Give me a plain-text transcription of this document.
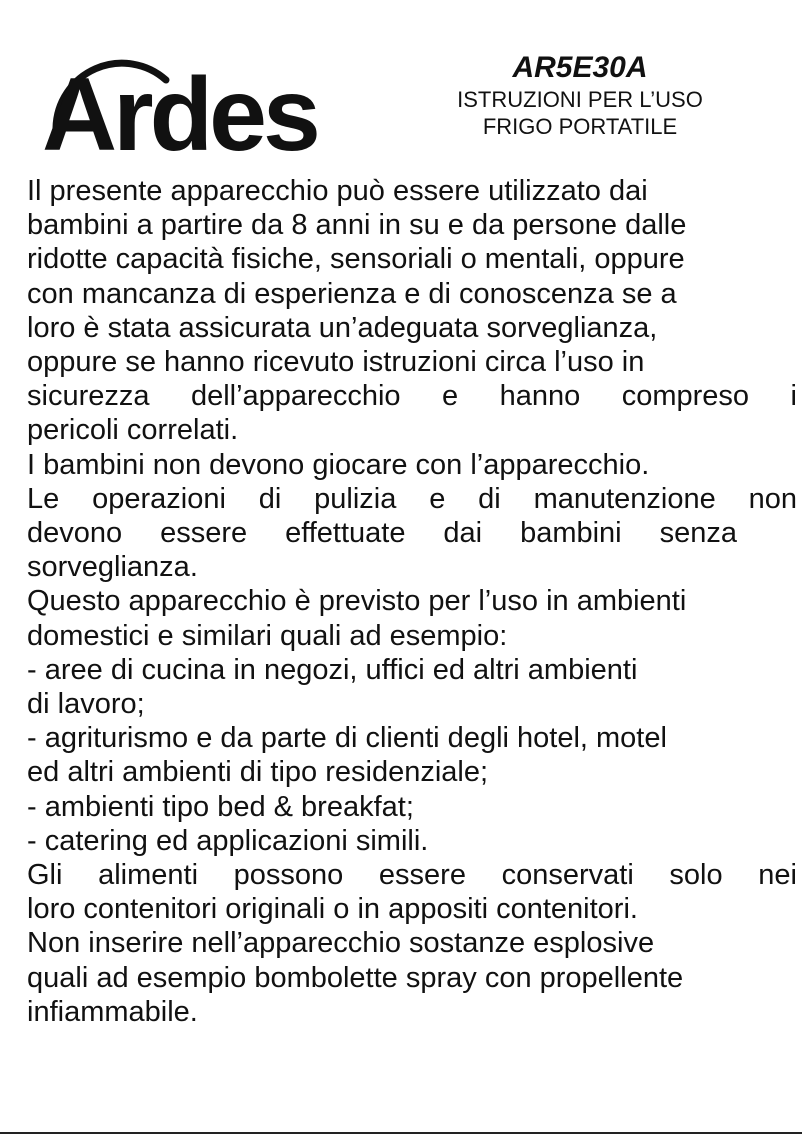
Ardes	AR5E30A
ISTRUZIONI PER L’USO
FRIGO PORTATILE
Il presente apparecchio può essere utilizzato dai
bambini a partire da 8 anni in su e da persone dalle
ridotte capacità fisiche, sensoriali o mentali, oppure
con mancanza di esperienza e di conoscenza se a
loro è stata assicurata un’adeguata sorveglianza,
oppure se hanno ricevuto istruzioni circa l’uso in
sicurezza dell’apparecchio e hanno compreso i
pericoli correlati.
I bambini non devono giocare con l’apparecchio.
Le operazioni di pulizia e di manutenzione non
devono essere effettuate dai bambini senza
sorveglianza.
Questo apparecchio è previsto per l’uso in ambienti
domestici e similari quali ad esempio:
- aree di cucina in negozi, uffici ed altri ambienti
di lavoro;
- agriturismo e da parte di clienti degli hotel, motel
ed altri ambienti di tipo residenziale;
- ambienti tipo bed & breakfat;
- catering ed applicazioni simili.
Gli alimenti possono essere conservati solo nei
loro contenitori originali o in appositi contenitori.
Non inserire nell’apparecchio sostanze esplosive
quali ad esempio bombolette spray con propellente
infiammabile.
